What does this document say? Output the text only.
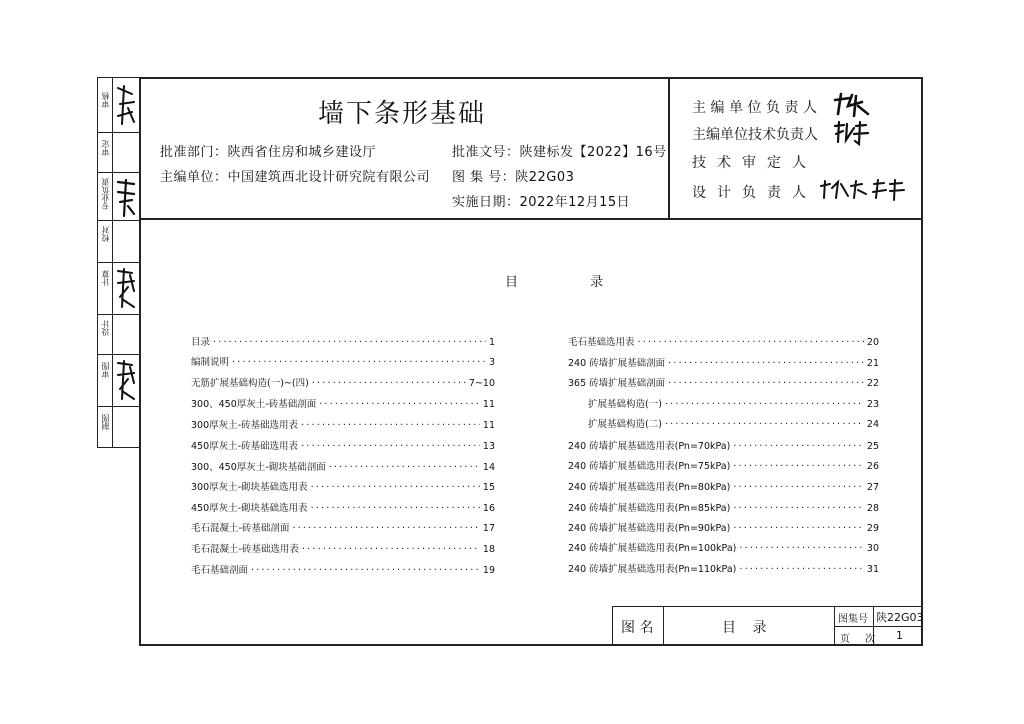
墙下条形基础
批准部门：陕西省住房和城乡建设厅
主编单位：中国建筑西北设计研究院有限公司
批准文号：陕建标发【2022】16号
图 集 号：陕22G03
实施日期：2022年12月15日
主编单位负责人
主编单位技术负责人
技术审定人
设计负责人
审核
审定
专业负责
校对
计算
设计
审图
制图
目 录
目录 ·····	1
编制说明 ·····	3
无筋扩展基础构造(一)~(四) ·····	7~10
300、450厚灰土-砖基础剖面 ·····	11
300厚灰土-砖基础选用表 ·····	11
450厚灰土-砖基础选用表 ·····	13
300、450厚灰土-砌块基础剖面 ·····	14
300厚灰土-砌块基础选用表 ·····	15
450厚灰土-砌块基础选用表 ·····	16
毛石混凝土-砖基础剖面 ·····	17
毛石混凝土-砖基础选用表 ·····	18
毛石基础剖面 ·····	19
毛石基础选用表 ·····	20
240 砖墙扩展基础剖面 ·····	21
365 砖墙扩展基础剖面 ·····	22
扩展基础构造(一) ·····	23
扩展基础构造(二) ·····	24
240 砖墙扩展基础选用表(Pn=70kPa) ·····	25
240 砖墙扩展基础选用表(Pn=75kPa) ·····	26
240 砖墙扩展基础选用表(Pn=80kPa) ·····	27
240 砖墙扩展基础选用表(Pn=85kPa) ·····	28
240 砖墙扩展基础选用表(Pn=90kPa) ·····	29
240 砖墙扩展基础选用表(Pn=100kPa) ·····	30
240 砖墙扩展基础选用表(Pn=110kPa) ·····	31
图 名	目 录
图集号 陕22G03
页 次 1
